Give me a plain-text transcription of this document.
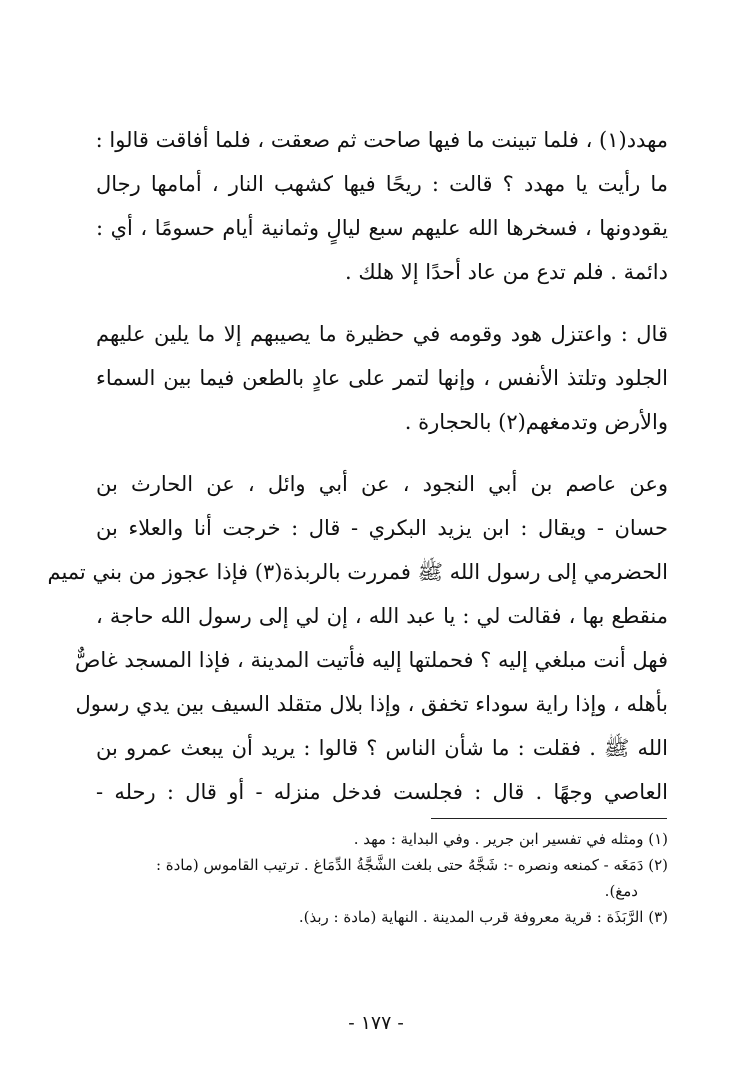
مهدد(١) ، فلما تبينت ما فيها صاحت ثم صعقت ، فلما أفاقت قالوا :
ما رأيت يا مهدد ؟ قالت : ريحًا فيها كشهب النار ، أمامها رجال
يقودونها ، فسخرها الله عليهم سبع ليالٍ وثمانية أيام حسومًا ، أي :
دائمة . فلم تدع من عاد أحدًا إلا هلك .
قال : واعتزل هود وقومه في حظيرة ما يصيبهم إلا ما يلين عليهم
الجلود وتلتذ الأنفس ، وإنها لتمر على عادٍ بالطعن فيما بين السماء
والأرض وتدمغهم(٢) بالحجارة .
وعن عاصم بن أبي النجود ، عن أبي وائل ، عن الحارث بن
حسان - ويقال : ابن يزيد البكري - قال : خرجت أنا والعلاء بن
الحضرمي إلى رسول الله ﷺ فمررت بالربذة(٣) فإذا عجوز من بني تميم
منقطع بها ، فقالت لي : يا عبد الله ، إن لي إلى رسول الله حاجة ،
فهل أنت مبلغي إليه ؟ فحملتها إليه فأتيت المدينة ، فإذا المسجد غاصٌّ
بأهله ، وإذا راية سوداء تخفق ، وإذا بلال متقلد السيف بين يدي رسول
الله ﷺ . فقلت : ما شأن الناس ؟ قالوا : يريد أن يبعث عمرو بن
العاصي وجهًا . قال : فجلست فدخل منزله - أو قال : رحله -
(١) ومثله في تفسير ابن جرير . وفي البداية : مهد .
(٢) دَمَغَه - كمنعه ونصره -: شَجَّهُ حتى بلغت الشَّجَّةُ الدِّمَاغ . ترتيب القاموس (مادة :
دمغ).
(٣) الرَّبَذَة : قرية معروفة قرب المدينة . النهاية (مادة : ربذ).
- ١٧٧ -
